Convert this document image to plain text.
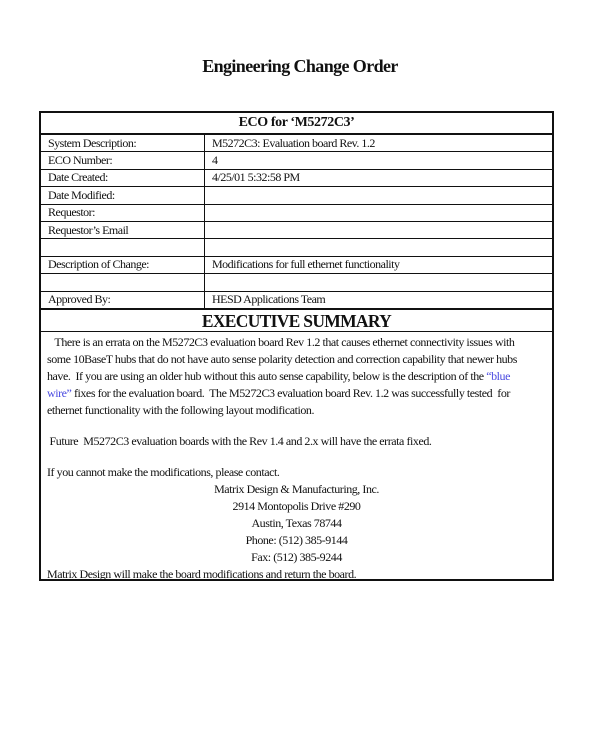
Engineering Change Order
ECO for ‘M5272C3’
System Description:	M5272C3: Evaluation board Rev. 1.2
ECO Number:	4
Date Created:	4/25/01 5:32:58 PM
Date Modified:	
Requestor:	
Requestor’s Email	

Description of Change:	Modifications for full ethernet functionality

Approved By:	HESD Applications Team
EXECUTIVE SUMMARY
There is an errata on the M5272C3 evaluation board Rev 1.2 that causes ethernet connectivity issues with
some 10BaseT hubs that do not have auto sense polarity detection and correction capability that newer hubs
have.  If you are using an older hub without this auto sense capability, below is the description of the “blue
wire” fixes for the evaluation board.  The M5272C3 evaluation board Rev. 1.2 was successfully tested  for
ethernet functionality with the following layout modification.
Future  M5272C3 evaluation boards with the Rev 1.4 and 2.x will have the errata fixed.
If you cannot make the modifications, please contact.
Matrix Design & Manufacturing, Inc.
2914 Montopolis Drive #290
Austin, Texas 78744
Phone: (512) 385-9144
Fax: (512) 385-9244
Matrix Design will make the board modifications and return the board.
